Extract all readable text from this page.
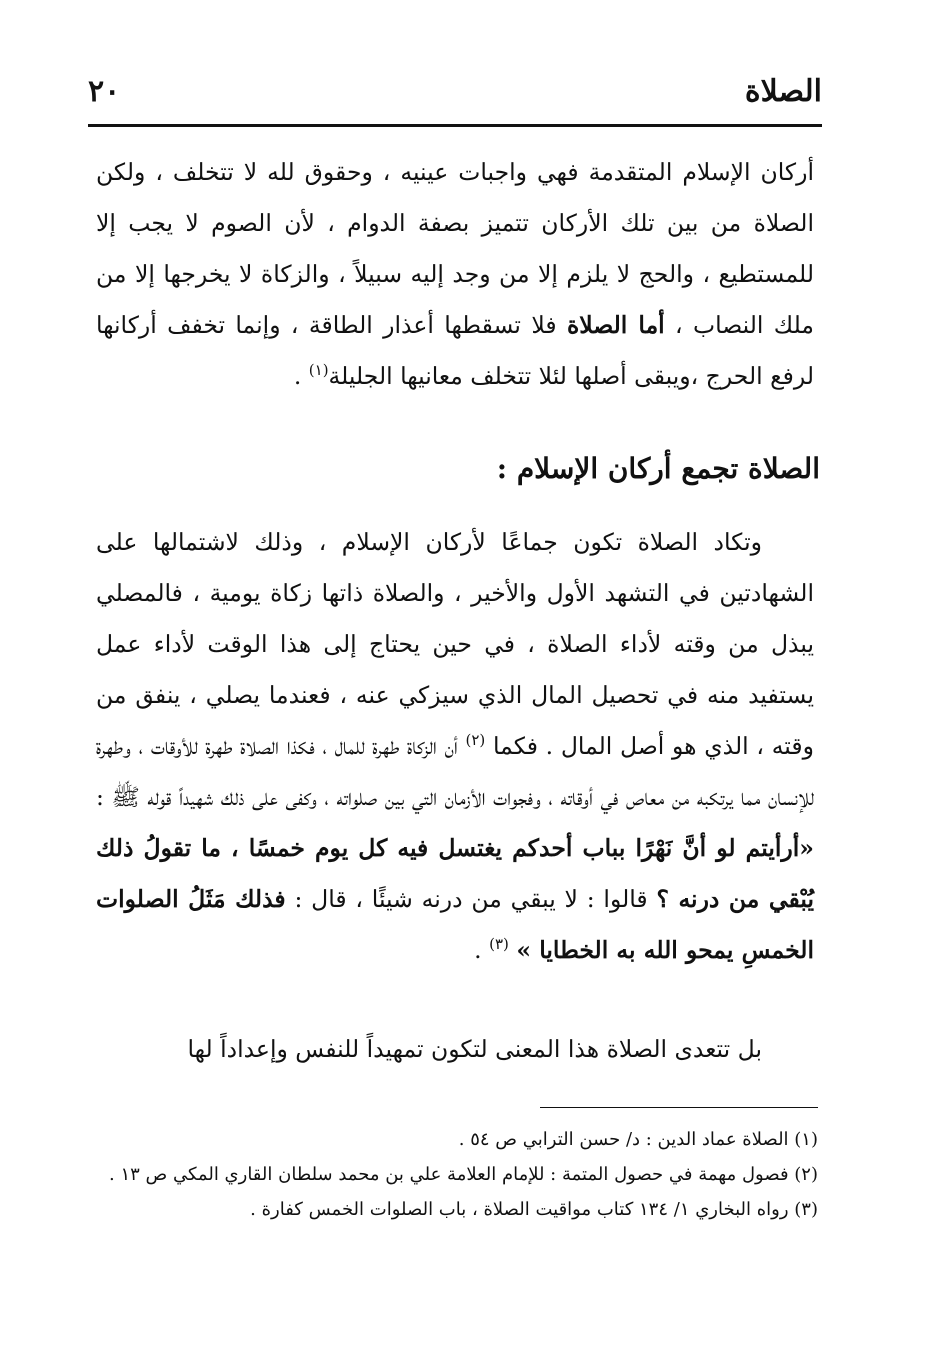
٢٠	الصلاة

أركان الإسلام المتقدمة فهي واجبات عينيه ، وحقوق لله لا تتخلف ، ولكن الصلاة من بين تلك الأركان تتميز بصفة الدوام ، لأن الصوم لا يجب إلا للمستطيع ، والحج لا يلزم إلا من وجد إليه سبيلاً ، والزكاة لا يخرجها إلا من ملك النصاب ، أما الصلاة فلا تسقطها أعذار الطاقة ، وإنما تخفف أركانها لرفع الحرج ،ويبقى أصلها لئلا تتخلف معانيها الجليلة$^{(١)}$ .

الصلاة تجمع أركان الإسلام :

وتكاد الصلاة تكون جماعًا لأركان الإسلام ، وذلك لاشتمالها على الشهادتين في التشهد الأول والأخير ، والصلاة ذاتها زكاة يومية ، فالمصلي يبذل من وقته لأداء الصلاة ، في حين يحتاج إلى هذا الوقت لأداء عمل يستفيد منه في تحصيل المال الذي سيزكي عنه ، فعندما يصلي ، ينفق من وقته ، الذي هو أصل المال . فكما $^{(٢)}$ أن الزكاة طهرة للمال ، فكذا الصلاة طهرة للأوقات ، وطهرة للإنسان مما يرتكبه من معاص في أوقاته ، وفجوات الأزمان التي بين صلواته ، وكفى على ذلك شهيداً قوله ﷺ : «أرأيتم لو أنَّ نَهْرًا بباب أحدكم يغتسل فيه كل يوم خمسًا ، ما تقولُ ذلك يُبْقي من درنه ؟ قالوا : لا يبقي من درنه شيئًا ، قال : فذلك مَثَلُ الصلوات الخمسِ يمحو الله به الخطايا » $^{(٣)}$ .

بل تتعدى الصلاة هذا المعنى لتكون تمهيداً للنفس وإعداداً لها

(١) الصلاة عماد الدين : د/ حسن الترابي ص ٥٤ .

(٢) فصول مهمة في حصول المتمة : للإمام العلامة علي بن محمد سلطان القاري المكي ص ١٣ .

(٣) رواه البخاري ١/ ١٣٤ كتاب مواقيت الصلاة ، باب الصلوات الخمس كفارة .
